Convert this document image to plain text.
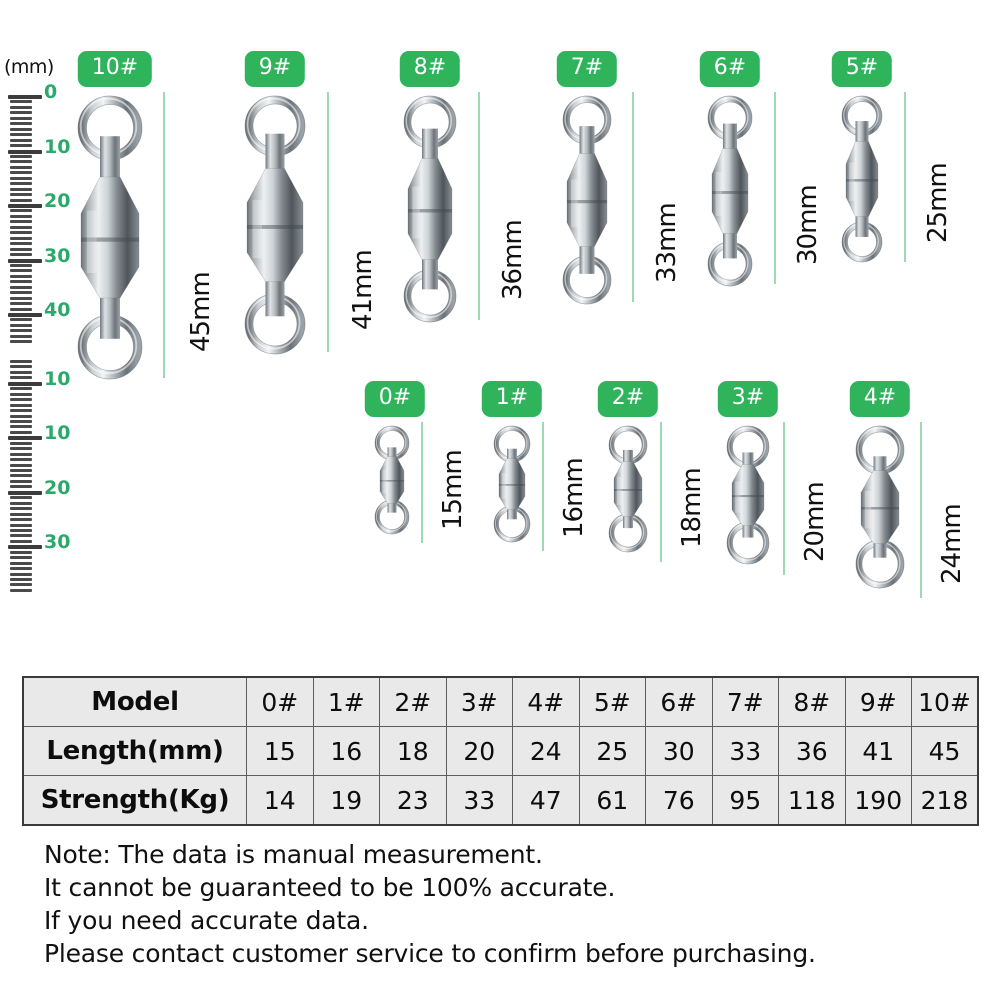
(mm)
0
10
20
30
40
10
10
20
30
10#	9#	8#	7#	6#	5#
0#	1#	2#	3#	4#
45mm	41mm	36mm	33mm	30mm	25mm
15mm	16mm	18mm	20mm	24mm
Model	0#	1#	2#	3#	4#	5#	6#	7#	8#	9#	10#
Length(mm)	15	16	18	20	24	25	30	33	36	41	45
Strength(Kg)	14	19	23	33	47	61	76	95	118	190	218
Note: The data is manual measurement.
It cannot be guaranteed to be 100% accurate.
If you need accurate data.
Please contact customer service to confirm before purchasing.
